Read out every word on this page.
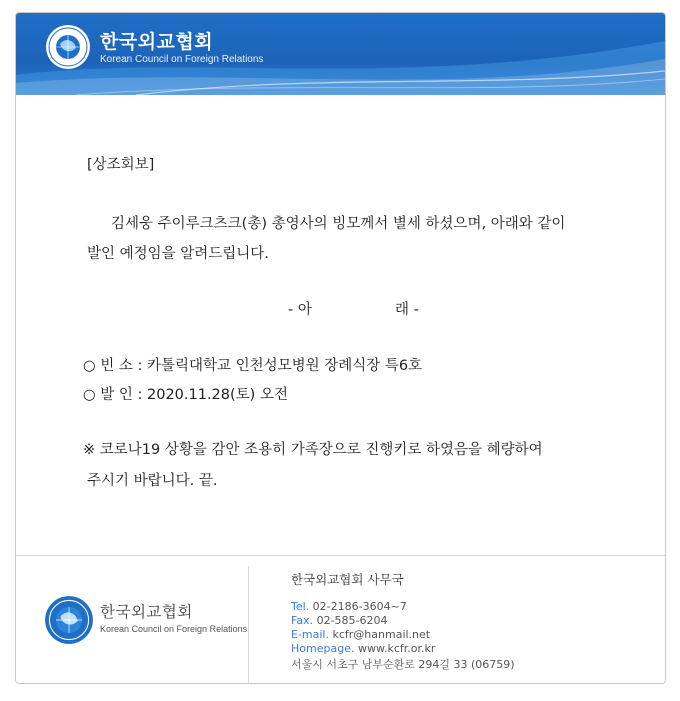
한국외교협회
Korean Council on Foreign Relations
[상조회보]
김세웅 주이루크츠크(총) 총영사의 빙모께서 별세 하셨으며, 아래와 같이
발인 예정임을 알려드립니다.
- 아	래 -
○ 빈 소 : 카톨릭대학교 인천성모병원 장례식장 특6호
○ 발 인 : 2020.11.28(토) 오전
※ 코로나19 상황을 감안 조용히 가족장으로 진행키로 하였음을 혜량하여
주시기 바랍니다. 끝.
한국외교협회
Korean Council on Foreign Relations
한국외교협회 사무국
Tel. 02-2186-3604~7
Fax. 02-585-6204
E-mail. kcfr@hanmail.net
Homepage. www.kcfr.or.kr
서울시 서초구 남부순환로 294길 33 (06759)
